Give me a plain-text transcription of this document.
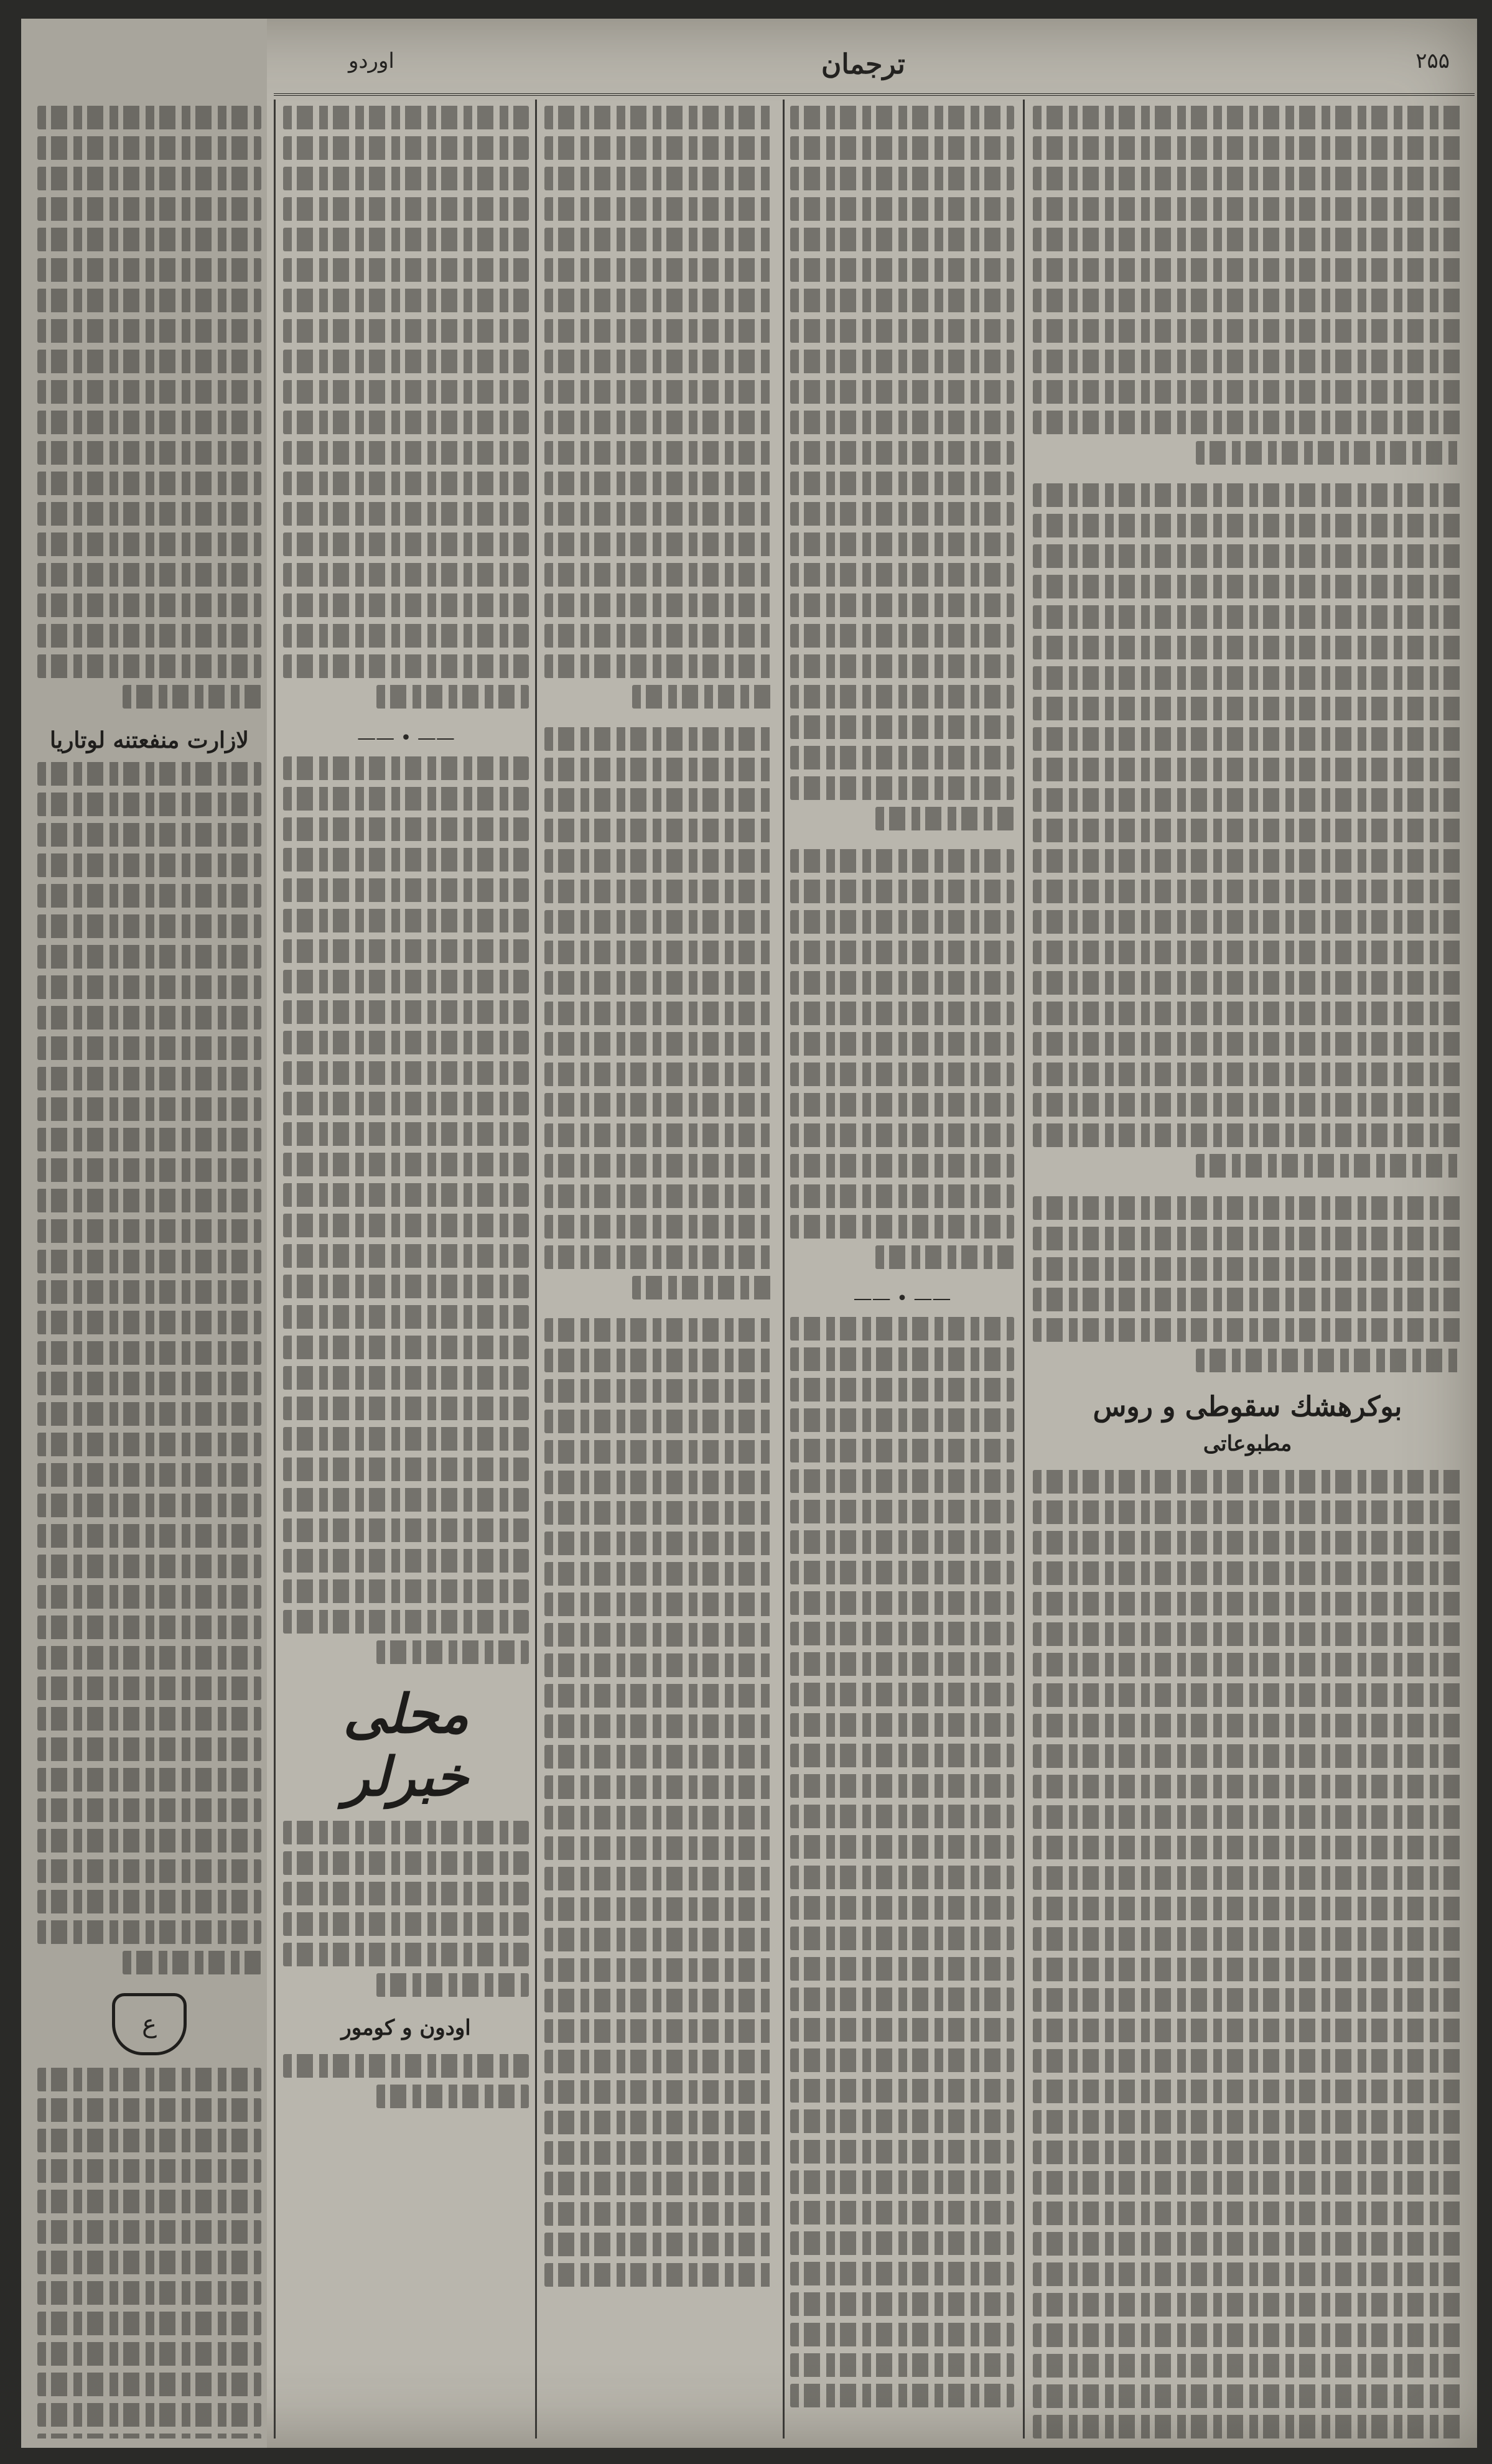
اوردو	ترجمان	۲۵۵
بوكرهشك سقوطى و روس
مطبوعاتى
—— • ——
—— • ——
محلی خبرلر
اودون و كومور
لازارت منفعتنه لوتاريا
ع
